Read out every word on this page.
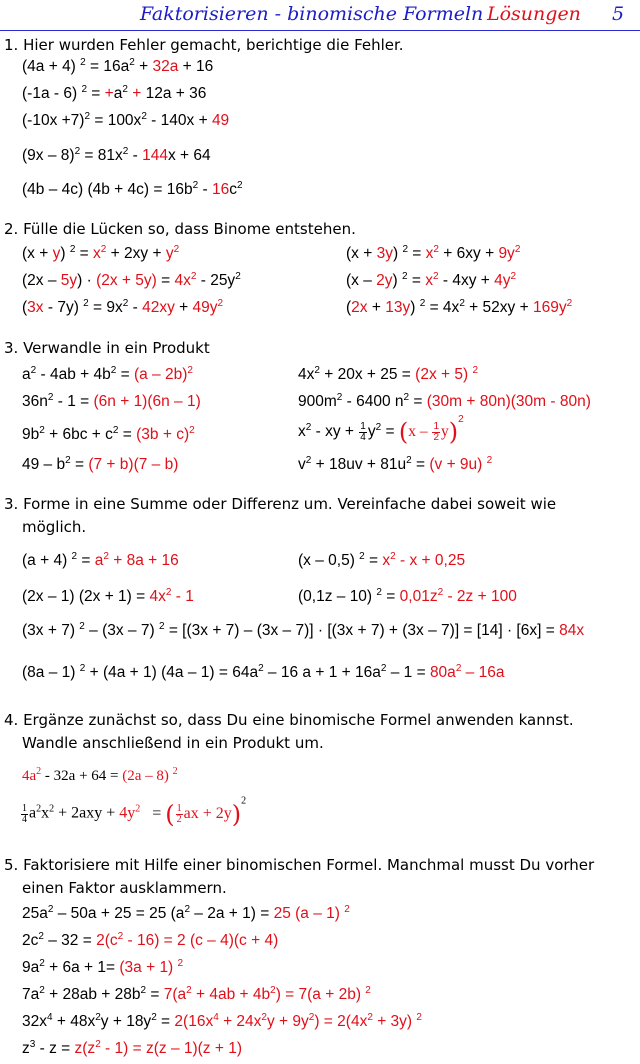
Faktorisieren - binomische Formeln Lösungen 5
1. Hier wurden Fehler gemacht, berichtige die Fehler.
(4a + 4) $^2 = 16a^2 + 32a + 16$
(-1a - 6) $^2 = +a^2 + 12a + 36$
$(-10x +7)^2 = 100x^2 - 140x + 49$
$(9x - 8)^2 = 81x^2 - 144x + 64$
(4b – 4c) $(4b + 4c) = 16b^2 - 16c^2$
2. Fülle die Lücken so, dass Binome entstehen.
(x + y) $^2 = x^2 + 2xy + y^2$	(x + 3y) $^2 = x^2 + 6xy + 9y^2$
$(2x - 5y) \cdot (2x + 5y) = 4x^2 - 25y^2$	(x – 2y) $^2 = x^2 - 4xy + 4y^2$
(3x - 7y) $^2 = 9x^2 - 42xy + 49y^2$	(2x + 13y) $^2 = 4x^2 + 52xy + 169y^2$
3. Verwandle in ein Produkt
$a^2 - 4ab + 4b^2 = (a - 2b)^2$	$4x^2 + 20x + 25 = (2x + 5)$ $^2$
$36n^2 - 1 = (6n + 1)(6n - 1)$	$900m^2 - 6400$ $n^2 = (30m + 80n)(30m - 80n)$
$9b^2 + 6bc + c^2 = (3b + c)^2$	$x^2$ - xy + $\frac{1}{4} y^2 = (x - \frac{1}{2} y)^2$
$49 - b^2 = (7 + b)(7 - b)$	$v^2 + 18uv + 81u^2 = (v + 9u)$ $^2$
3. Forme in eine Summe oder Differenz um. Vereinfache dabei soweit wie
möglich.
(a + 4) $^2 = a^2 + 8a + 16$	(x – 0,5) $^2 = x^2 - x + 0,25$
(2x – 1) $(2x + 1) = 4x^2 - 1$	(0,1z – 10) $^2 = 0,01z^2 - 2z + 100$
(3x + 7) $^2$ – (3x – 7) $^2$ = [(3x + 7) – (3x – 7)] · [(3x + 7) + (3x – 7)] = [14] · [6x] = 84x
(8a – 1) $^2$ + (4a + 1) $(4a - 1) = 64a^2 - 16$ $a + 1 + 16a^2 - 1 = 80a^2 - 16a$
4. Ergänze zunächst so, dass Du eine binomische Formel anwenden kannst.
Wandle anschließend in ein Produkt um.
$4a^2 - 32a + 64 = (2a - 8)$ $^2$
$\frac{1}{4} a^2x^2 + 2axy + 4y^2$ = ( $\frac{1}{2}$ ax + 2y)$^2$
5. Faktorisiere mit Hilfe einer binomischen Formel. Manchmal musst Du vorher
einen Faktor ausklammern.
$25a^2 - 50a + 25 = 25$ $(a^2 - 2a + 1) = 25$ (a – 1) $^2$
$2c^2 - 32 = 2(c^2 - 16) = 2$ (c – 4)(c + 4)
$9a^2 + 6a + 1= (3a + 1)$ $^2$
$7a^2 + 28ab + 28b^2 = 7(a^2 + 4ab + 4b^2) = 7(a + 2b)$ $^2$
$32x^4 + 48x^2y + 18y^2 = 2(16x^4 + 24x^2y + 9y^2) = 2(4x^2 + 3y)$ $^2$
$z^3 - z = z(z^2 - 1) = z(z - 1)(z + 1)$
